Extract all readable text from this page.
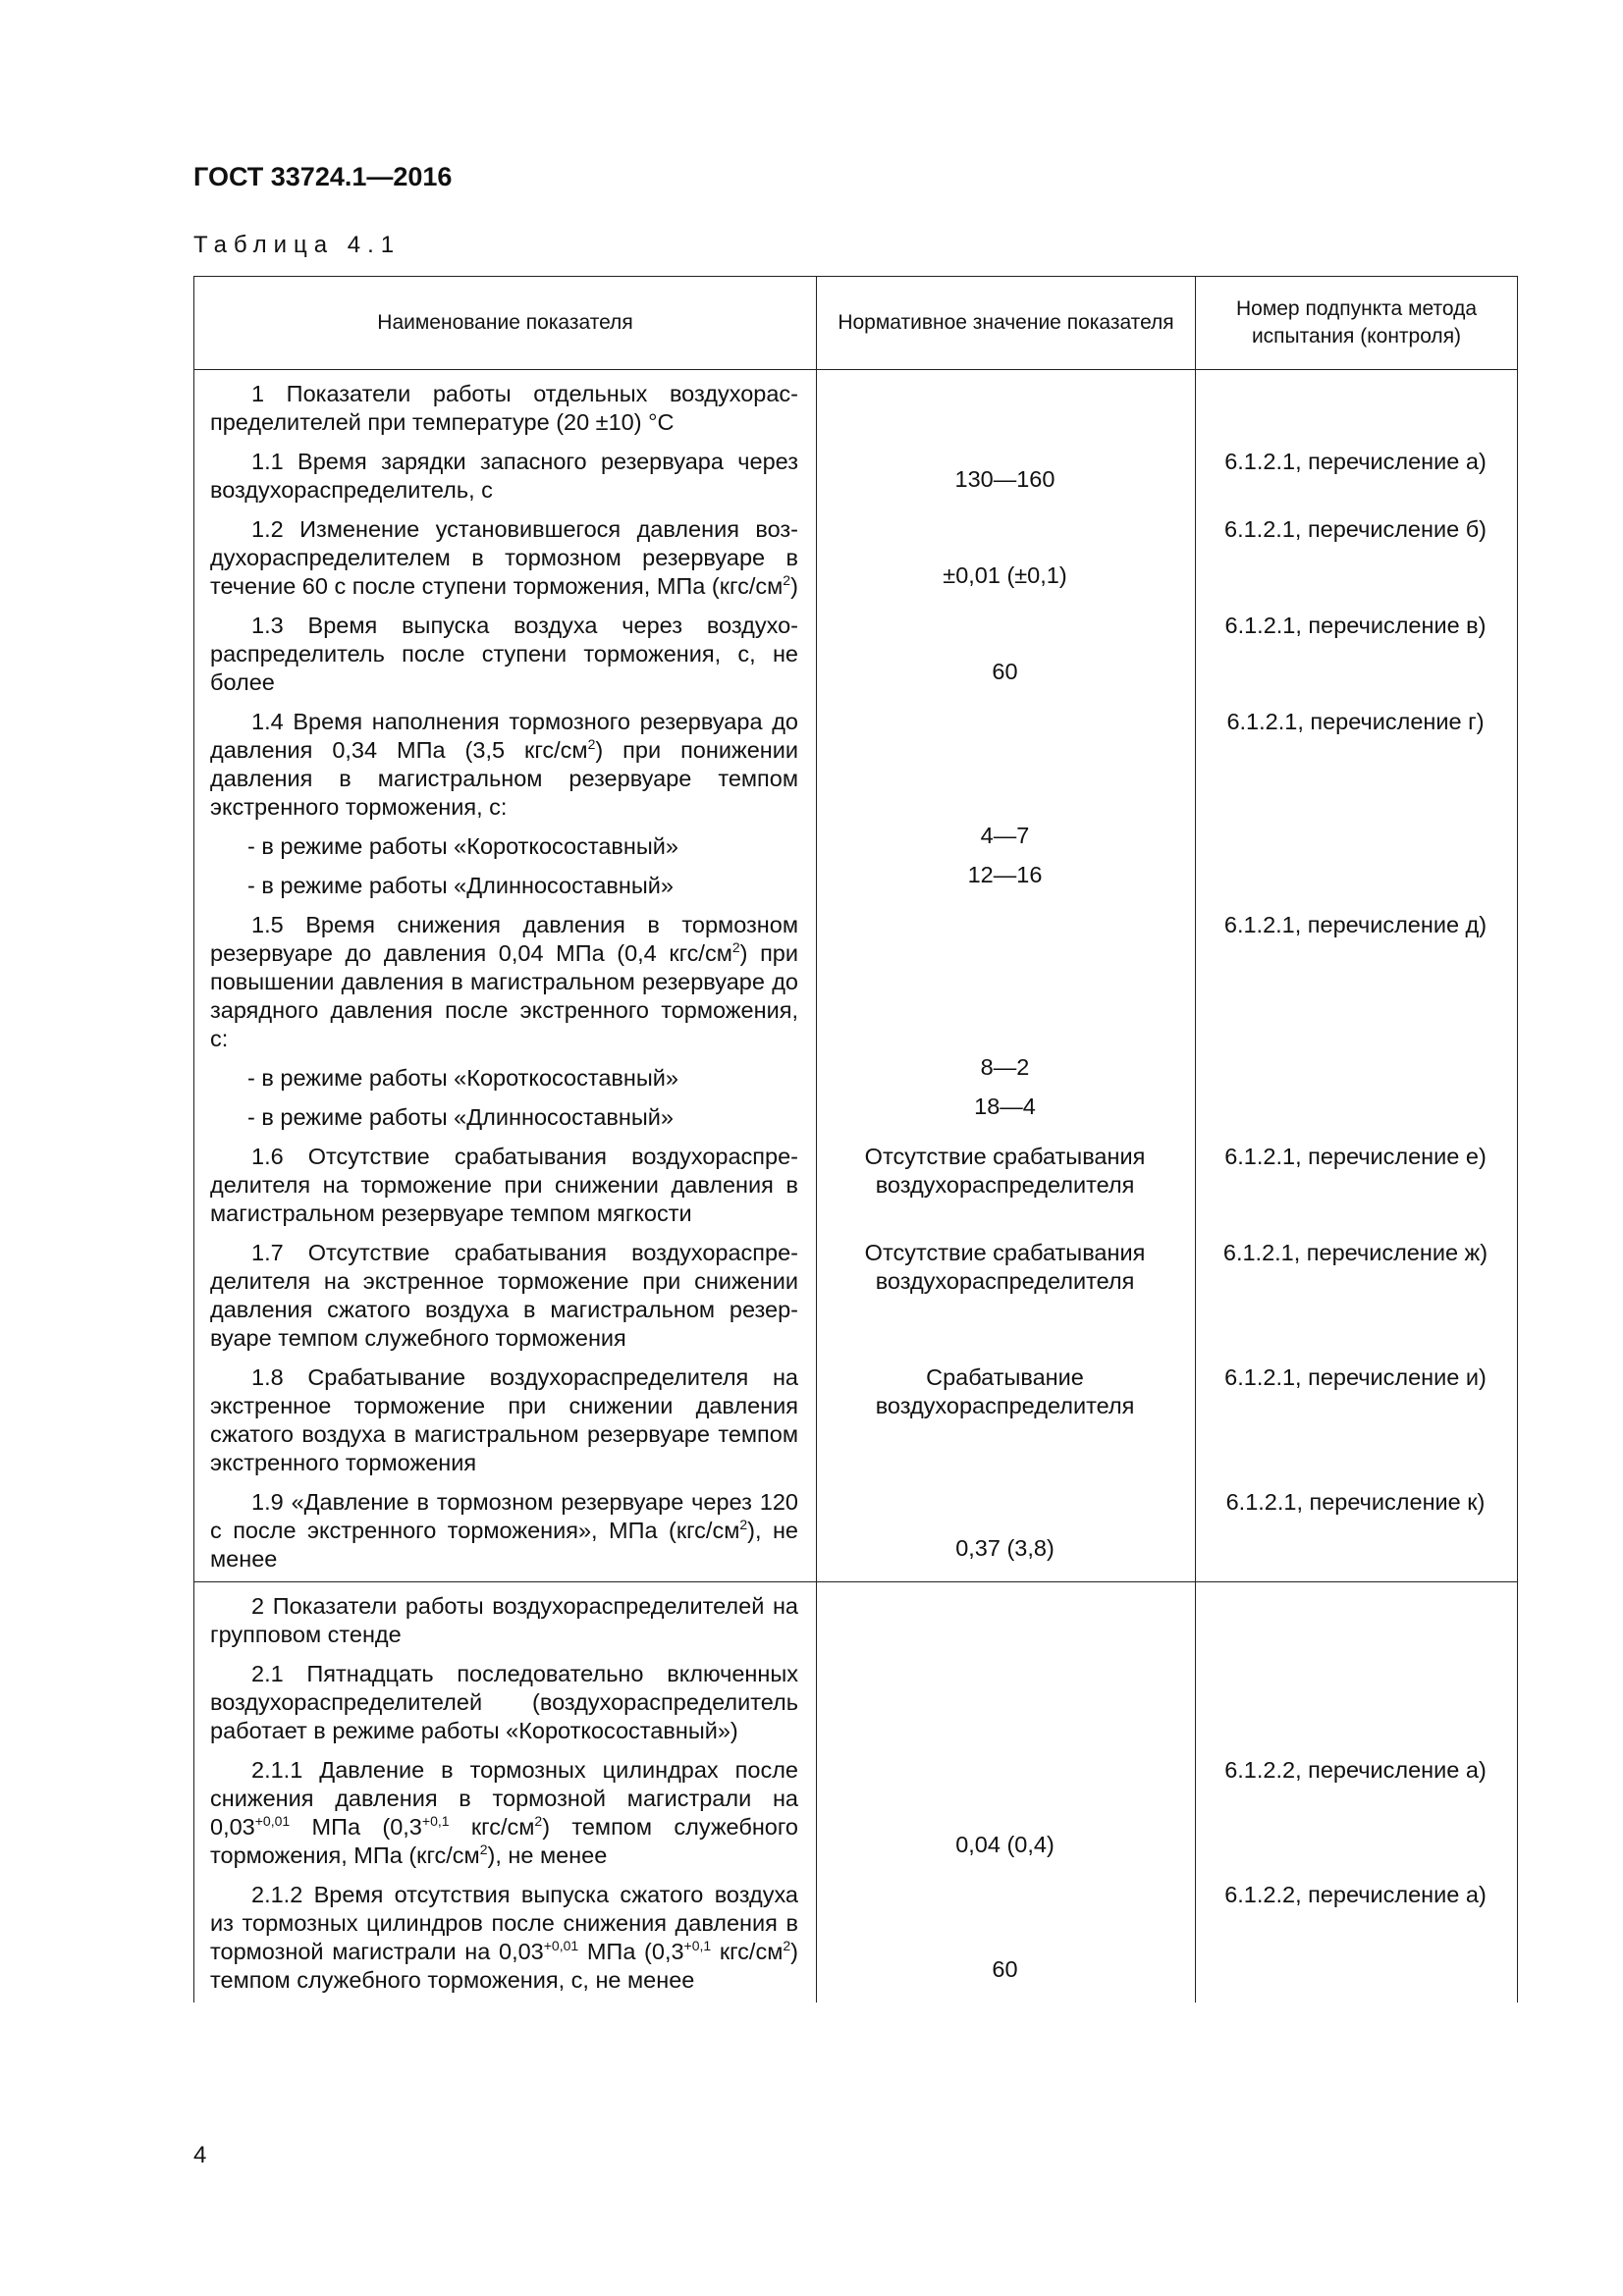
ГОСТ 33724.1—2016
Таблица 4.1
Наименование показателя	Нормативное значение показателя	Номер подпункта метода испытания (контроля)

1 Показатели работы отдельных воздухораспределителей при температуре (20 ±10) °С		

1.1 Время зарядки запасного резервуара через воздухораспределитель, с	130—160	6.1.2.1, перечисление а)

1.2 Изменение установившегося давления воздухораспределителем в тормозном резервуаре в течение 60 с после ступени торможения, МПа $(кгс/см^2)$	±0,01 (±0,1)	6.1.2.1, перечисление б)

1.3 Время выпуска воздуха через воздухораспределитель после ступени торможения, с, не более	60	6.1.2.1, перечисление в)

1.4 Время наполнения тормозного резервуара до давления 0,34 МПа (3,5 кгс/$см^2$) при понижении давления в магистральном резервуаре темпом экстренного торможения, с:		6.1.2.1, перечисление г)

- в режиме работы «Короткосоставный»	4—7	

- в режиме работы «Длинносоставный»	12—16	

1.5 Время снижения давления в тормозном резервуаре до давления 0,04 МПа (0,4 кгс/$см^2$) при повышении давления в магистральном резервуаре до зарядного давления после экстренного торможения, с:		6.1.2.1, перечисление д)

- в режиме работы «Короткосоставный»	8—2	

- в режиме работы «Длинносоставный»	18—4	

1.6 Отсутствие срабатывания воздухораспределителя на торможение при снижении давления в магистральном резервуаре темпом мягкости	Отсутствие срабатывания воздухораспределителя	6.1.2.1, перечисление е)

1.7 Отсутствие срабатывания воздухораспределителя на экстренное торможение при снижении давления сжатого воздуха в магистральном резервуаре темпом служебного торможения	Отсутствие срабатывания воздухораспределителя	6.1.2.1, перечисление ж)

1.8 Срабатывание воздухораспределителя на экстренное торможение при снижении давления сжатого воздуха в магистральном резервуаре темпом экстренного торможения	Срабатывание воздухораспределителя	6.1.2.1, перечисление и)

1.9 «Давление в тормозном резервуаре через 120 с после экстренного торможения», МПа $(кгс/см^2)$, не менее	0,37 (3,8)	6.1.2.1, перечисление к)

2 Показатели работы воздухораспределителей на групповом стенде		

2.1 Пятнадцать последовательно включенных воздухораспределителей (воздухораспределитель работает в режиме работы «Короткосоставный»)		

2.1.1 Давление в тормозных цилиндрах после снижения давления в тормозной магистрали на $0,03^{+0,01}$ МПа ($0,3^{+0,1}$ кгс/$см^2$) темпом служебного торможения, МПа $(кгс/см^2)$, не менее	0,04 (0,4)	6.1.2.2, перечисление а)

2.1.2 Время отсутствия выпуска сжатого воздуха из тормозных цилиндров после снижения давления в тормозной магистрали на $0,03^{+0,01}$ МПа ($0,3^{+0,1}$ кгс/$см^2$) темпом служебного торможения, с, не менее	60	6.1.2.2, перечисление а)
4
